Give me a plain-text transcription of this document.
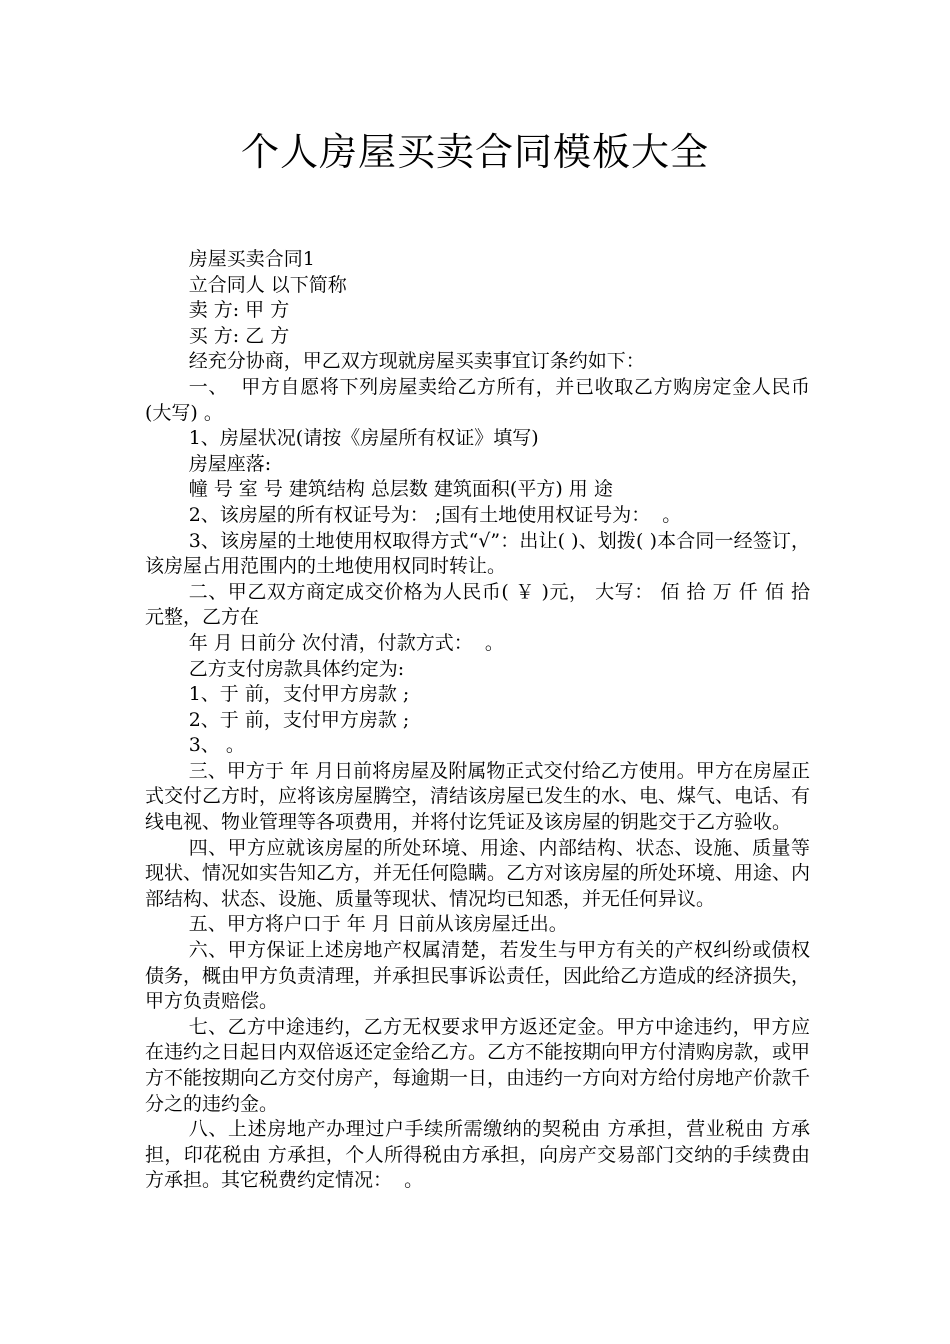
个人房屋买卖合同模板大全

房屋买卖合同1

立合同人 以下简称

卖 方: 甲 方

买 方: 乙 方

经充分协商，甲乙双方现就房屋买卖事宜订条约如下：

一、  甲方自愿将下列房屋卖给乙方所有，并已收取乙方购房定金人民币(大写) 。

1、房屋状况(请按《房屋所有权证》填写)

房屋座落:

幢 号 室 号 建筑结构 总层数 建筑面积(平方) 用 途

2、该房屋的所有权证号为： ;国有土地使用权证号为：  。

3、该房屋的土地使用权取得方式“√”：出让( )、划拨( )本合同一经签订，该房屋占用范围内的土地使用权同时转让。

二、甲乙双方商定成交价格为人民币( ￥ )元， 大写： 佰 拾 万 仟 佰 拾 元整，乙方在

年 月 日前分 次付清，付款方式：  。

乙方支付房款具体约定为:

1、于 前，支付甲方房款 ;

2、于 前，支付甲方房款 ;

3、 。

三、甲方于 年 月日前将房屋及附属物正式交付给乙方使用。甲方在房屋正式交付乙方时，应将该房屋腾空，清结该房屋已发生的水、电、煤气、电话、有线电视、物业管理等各项费用，并将付讫凭证及该房屋的钥匙交于乙方验收。

四、甲方应就该房屋的所处环境、用途、内部结构、状态、设施、质量等现状、情况如实告知乙方，并无任何隐瞒。乙方对该房屋的所处环境、用途、内部结构、状态、设施、质量等现状、情况均已知悉，并无任何异议。

五、甲方将户口于 年 月 日前从该房屋迁出。

六、甲方保证上述房地产权属清楚，若发生与甲方有关的产权纠纷或债权债务，概由甲方负责清理，并承担民事诉讼责任，因此给乙方造成的经济损失，甲方负责赔偿。

七、乙方中途违约，乙方无权要求甲方返还定金。甲方中途违约，甲方应在违约之日起日内双倍返还定金给乙方。乙方不能按期向甲方付清购房款，或甲方不能按期向乙方交付房产，每逾期一日，由违约一方向对方给付房地产价款千分之的违约金。

八、上述房地产办理过户手续所需缴纳的契税由 方承担，营业税由 方承担，印花税由 方承担，个人所得税由方承担，向房产交易部门交纳的手续费由方承担。其它税费约定情况：  。
